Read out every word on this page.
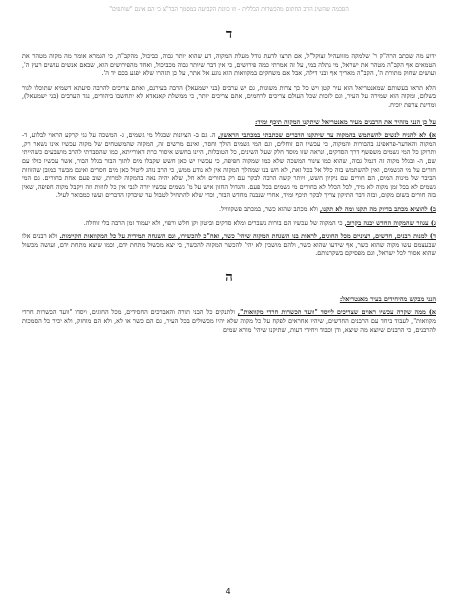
הסכמה שהשיג הרב החתום מהכשרות הכללית - וזו כוונת הקביעה במסמך הבד"צ כי הם אינם "שותפים"
ד

ידוע מה שכתב הרה"ק ר' שלמקה מזוועהיל זצוקל"ל, אם תרצו לדעת גודל מעלת המקוה, דע שהוא יותר גבוה, כביכול, מהקב"ה, כי הגמרא אומר מה מקוה מטהר את הטמאים אף הקב"ה מטהר את ישראל, מי נתלה במי, על זה אמרתי כמה פירושים, כי אין דבר שיותר גבוה מכביכול, ואחד מהפירושים הוא, שבאם אנשים עושים רעץ ה', ועושים שחוק מתורת ה', הקב"ה מאריך אף ובני דילה, אבל אם משחקים במקוואות הוא נוגע אל אתר, על כן תזהרו שלא יפגע בכם יד ה'.

הלא תראו בעשותם שמאנטריאל הוא עיר קטן ויש כל כך צרות משונות, גם יש ערבים (בני ישמעאל) הרבה בעירנם, ואתם צריכים להרבה סיעתא דשמיא שתוכלו לגור בשלום, ומקוה הוא שמירה על העיר, וגם לזכות שכל העולם צריכים לרחמים, אתם צריכים יותר, כי ממשלת קאנאדא לא יתחשבו ביהודים, נגד הערבים (בני ישמעאל), ומדינת צרפת יוכיח.

על כן הנני מזהיר את הרבנים מעיר מאנטריאל שיתקנו המקוה תיכף ומיד:

א) לא להניח לנשים להשתמש בהמקוה עד שיתקנו הדברים שכתבתי במכתבי הראשון, ה. גם ב- הציונות שבגלל מי גשמים, ג- המשכה על גגי קרקע הראוי לבלוע, ד- המקוה והאדער-פראפינג בהבורות והמקוה, כי עכשיו הם זוחלים, וגם המי גשמים הולך וחסר, ואינם מרשים זה, המקוה שהמשטחים של מקוה עכשיו אינו נשאר רק, ותרוקן כל המי גשמים משפשף דרך הסדקים, ונראה שזו מוסד חלק שעל השינים, כל הטובלות, היינו בחשש איסור כרת דאורייתא, כמו שהסברתי להרב מושבעים כשהייתי שם, ה- ובגלל מקוה זה דגמל גבוה, שהוא כמו צינור המשכה שלא כמו שמקוה חפיפה, כי עכשיו יש כאן חשש שקבלו מים לתוך הבור בגלל הבור, אשר עכשיו כולו עם חורים על מי הגשמים, ואין להשתמש בזה כלל אל בכל זאת, לא חש בנו שמהלך המקוה אין לא נודע ממש, כי הרב נוהג ליטול כאן מים חסרים ואינם מבשר כמובן שהזוזות הביבר של מינות המים, הם חורים עם ניקיון חשש, ויותר קשה הרבה לבקר עם רק בחורים ולא חל, שלא יהיה נאה בהמקוה למרות, שוב פעם אחת בחורים. גם המי גשמים לא בכל זמן מקוה לא מיד, לכל הכלל לא בחורים מי גשמים בכל פעם. והגדול החזון איש על מ' גשמים עכשיו יורה לגבי אין כל לזוזות וזה ויקבל מקוה חפיפה, שאין בזה חורים בשום מקום, ובזה דבר התיקון צריך לבקר תיכף ומיד, אחרי שנבנה מחדש הבור, וכדי שלא להתחיל לטבול עד שיבדקו הדברים ועשו כמבואר לעיל.

ב) להוציא מכתב בדיוק מה תקנו ומה לא תקנו, ולא מכתב שהוא כשר, במכתב פשקווויל.

ג) עגוזר שהמקוה החדש יבנה בקרוב, כי המקוה של עכשיו הם בורות נשברים ומלא סדקים וביטון וקן חלש ורפוי, ולא יעמוד זמן הרבה בלי זוחלה.

ד) למנות רבנים, חדשים, רציניים מכל החוגים, לראות בנו השגחת המקוה שיהי' כשר, ואח"כ להכשירו, וגם השגחה תמידית על כל המקוואות הקיימות. ולא רבנים אלו שבעצמם עשו מקוה שהוא כשר, אף שידעו שהוא כשר, ולהם מושכין לא יהי' להכשר המקוה להכשר, כי יצא מכשול מתחת ידם, וכמו שיצא מתחת ידם, ועושה מכשול שהוא אסור לכל ישראל, וגם מפסיקם בשקרנותם.

ה

הנני מבקש מהיחידים בעיר מאנטריאל:

א) ממה שקרה עכשיו ראוים שצריכים לייסד "וועד הכשרות חרדי מקוואות", ולתנקים כל הבני תורה והאברכים החסידים, מכל החוגים, ויסדו "וועד הכשרות חרדי מקוואות", לעבוד ביחד עם הרבנים החדשים, שיהיו אחראים לפקח על כל מקוה שלא יהיו מכשולים בכל העיר, גם הם כשר או לא, ולא הם מוחזק, ולא יכיר כל הסמכות להרבנים, כי הרבנים שיוצא מה שיצא, ודן וכבוד ויחידי דעות, שתיקנו שיהי' מורא שמים

4
